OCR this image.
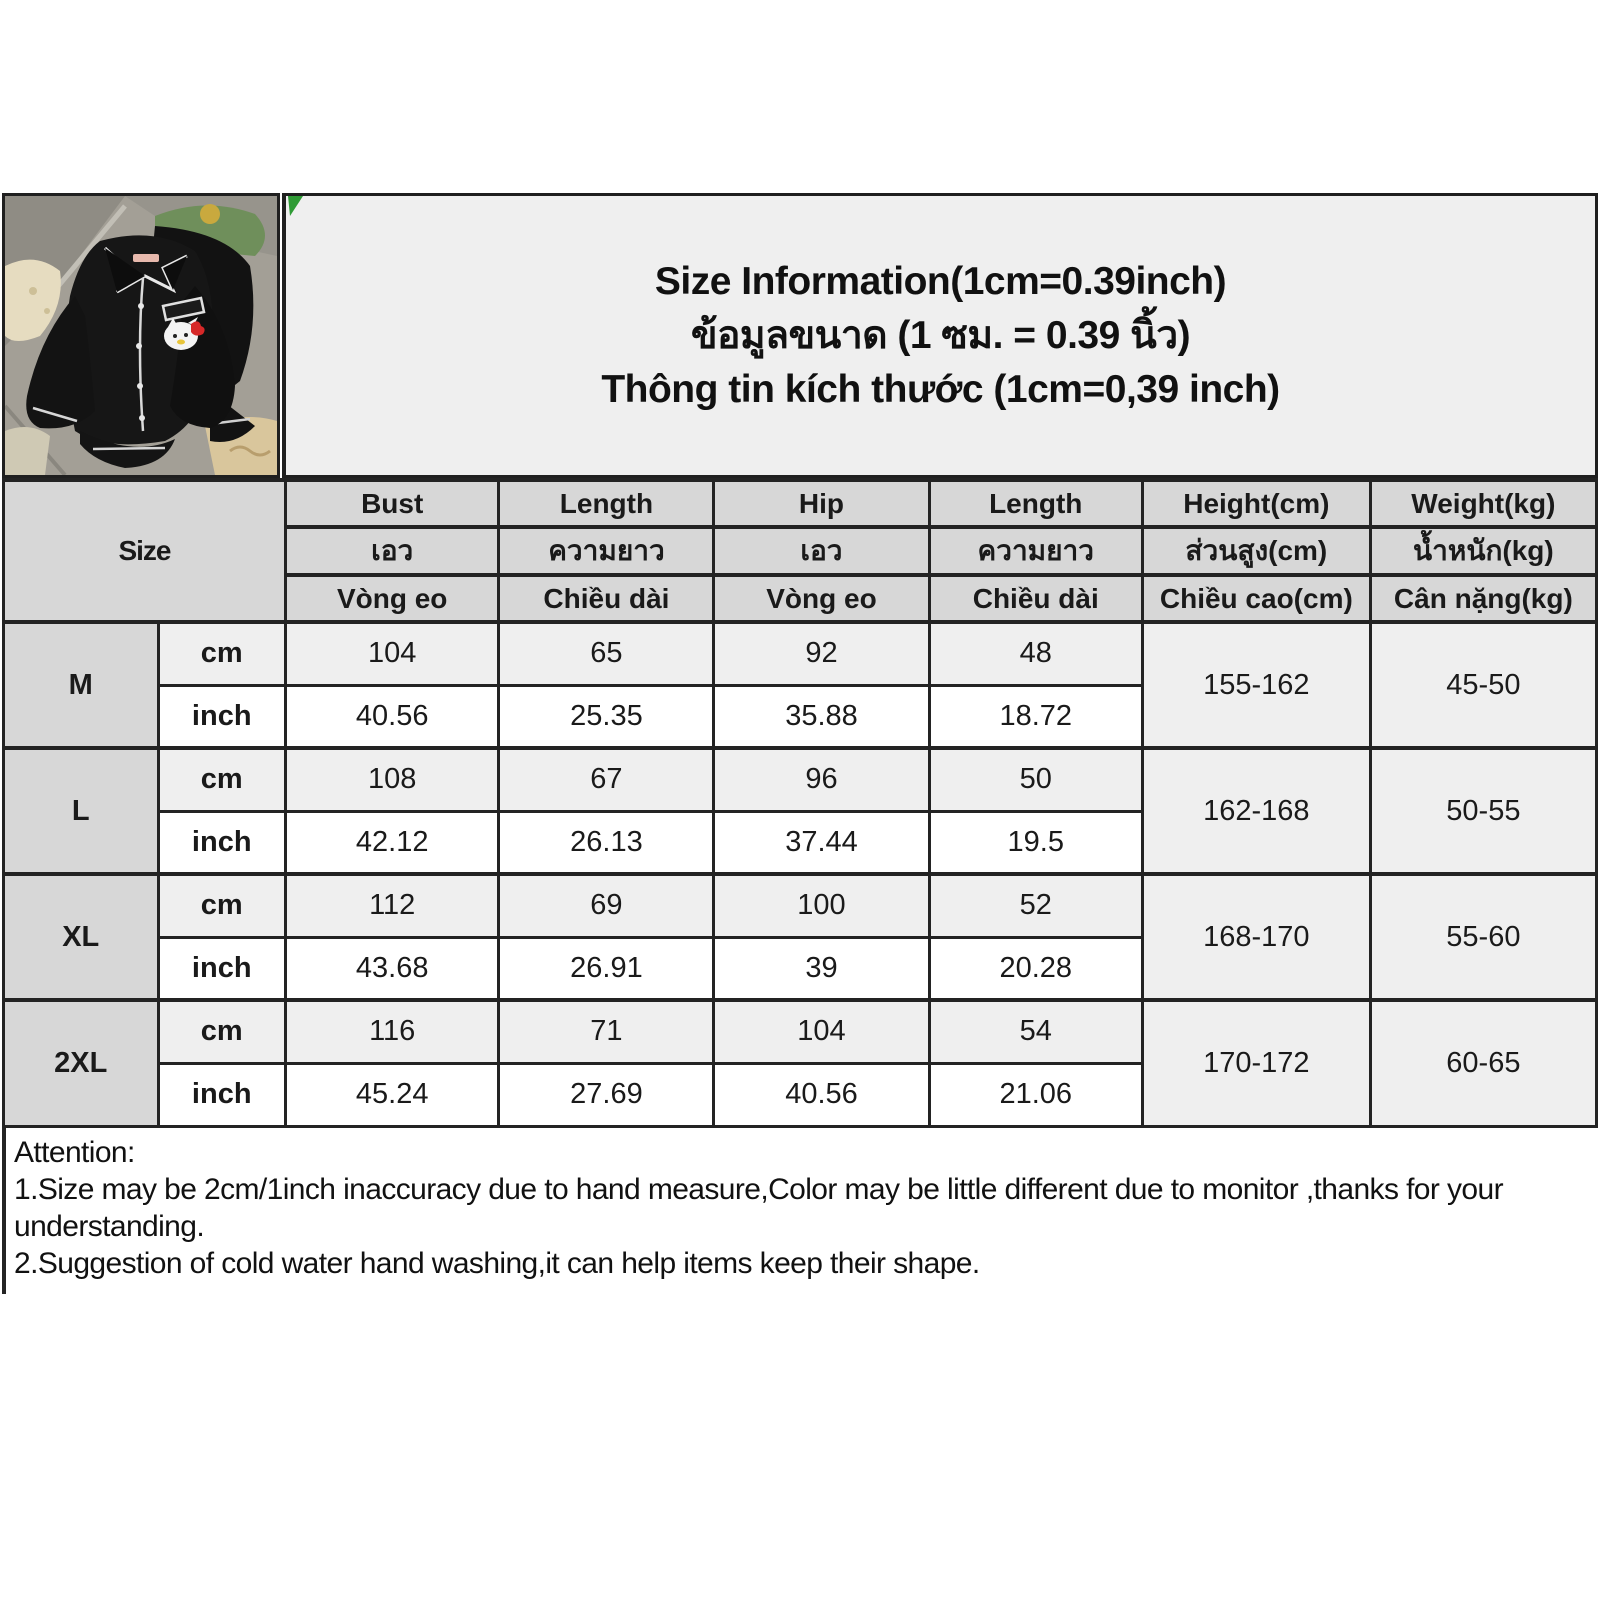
Size Information(1cm=0.39inch)
ข้อมูลขนาด (1 ซม. = 0.39 นิ้ว)
Thông tin kích thước (1cm=0,39 inch)
Size		Bust	Length	Hip	Length	Height(cm)	Weight(kg)
		เอว	ความยาว	เอว	ความยาว	ส่วนสูง(cm)	น้ำหนัก(kg)
		Vòng eo	Chiều dài	Vòng eo	Chiều dài	Chiều cao(cm)	Cân nặng(kg)
M	cm	104	65	92	48	155-162	45-50
	inch	40.56	25.35	35.88	18.72		
L	cm	108	67	96	50	162-168	50-55
	inch	42.12	26.13	37.44	19.5		
XL	cm	112	69	100	52	168-170	55-60
	inch	43.68	26.91	39	20.28		
2XL	cm	116	71	104	54	170-172	60-65
	inch	45.24	27.69	40.56	21.06		

Attention:

1.Size may be 2cm/1inch inaccuracy due to hand measure,Color may be little different due to monitor ,thanks for your understanding.

2.Suggestion of cold water hand washing,it can help items keep their shape.
